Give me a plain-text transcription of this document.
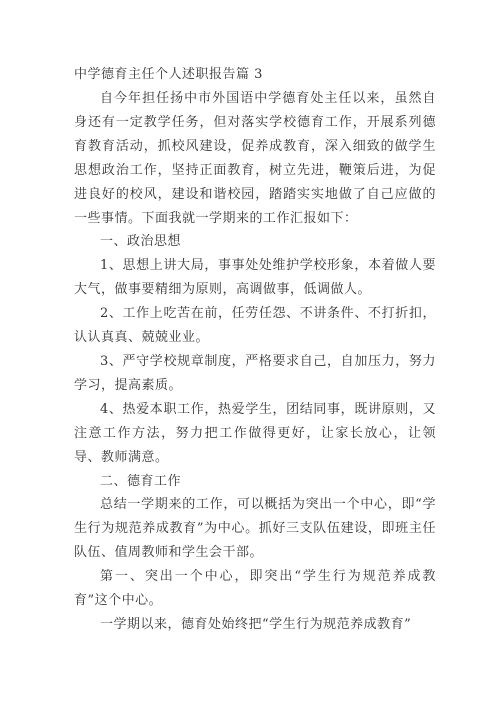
中学德育主任个人述职报告篇 3

自今年担任扬中市外国语中学德育处主任以来，虽然自身还有一定教学任务，但对落实学校德育工作，开展系列德育教育活动，抓校风建设，促养成教育，深入细致的做学生思想政治工作，坚持正面教育，树立先进，鞭策后进，为促进良好的校风，建设和谐校园，踏踏实实地做了自己应做的一些事情。下面我就一学期来的工作汇报如下：

一、政治思想

1、思想上讲大局，事事处处维护学校形象，本着做人要大气，做事要精细为原则，高调做事，低调做人。

2、工作上吃苦在前，任劳任怨、不讲条件、不打折扣，认认真真、兢兢业业。

3、严守学校规章制度，严格要求自己，自加压力，努力学习，提高素质。

4、热爱本职工作，热爱学生，团结同事，既讲原则，又注意工作方法，努力把工作做得更好，让家长放心，让领导、教师满意。

二、德育工作

总结一学期来的工作，可以概括为突出一个中心，即“学生行为规范养成教育”为中心。抓好三支队伍建设，即班主任队伍、值周教师和学生会干部。

第一、突出一个中心，即突出“学生行为规范养成教育”这个中心。

一学期以来，德育处始终把“学生行为规范养成教育”
